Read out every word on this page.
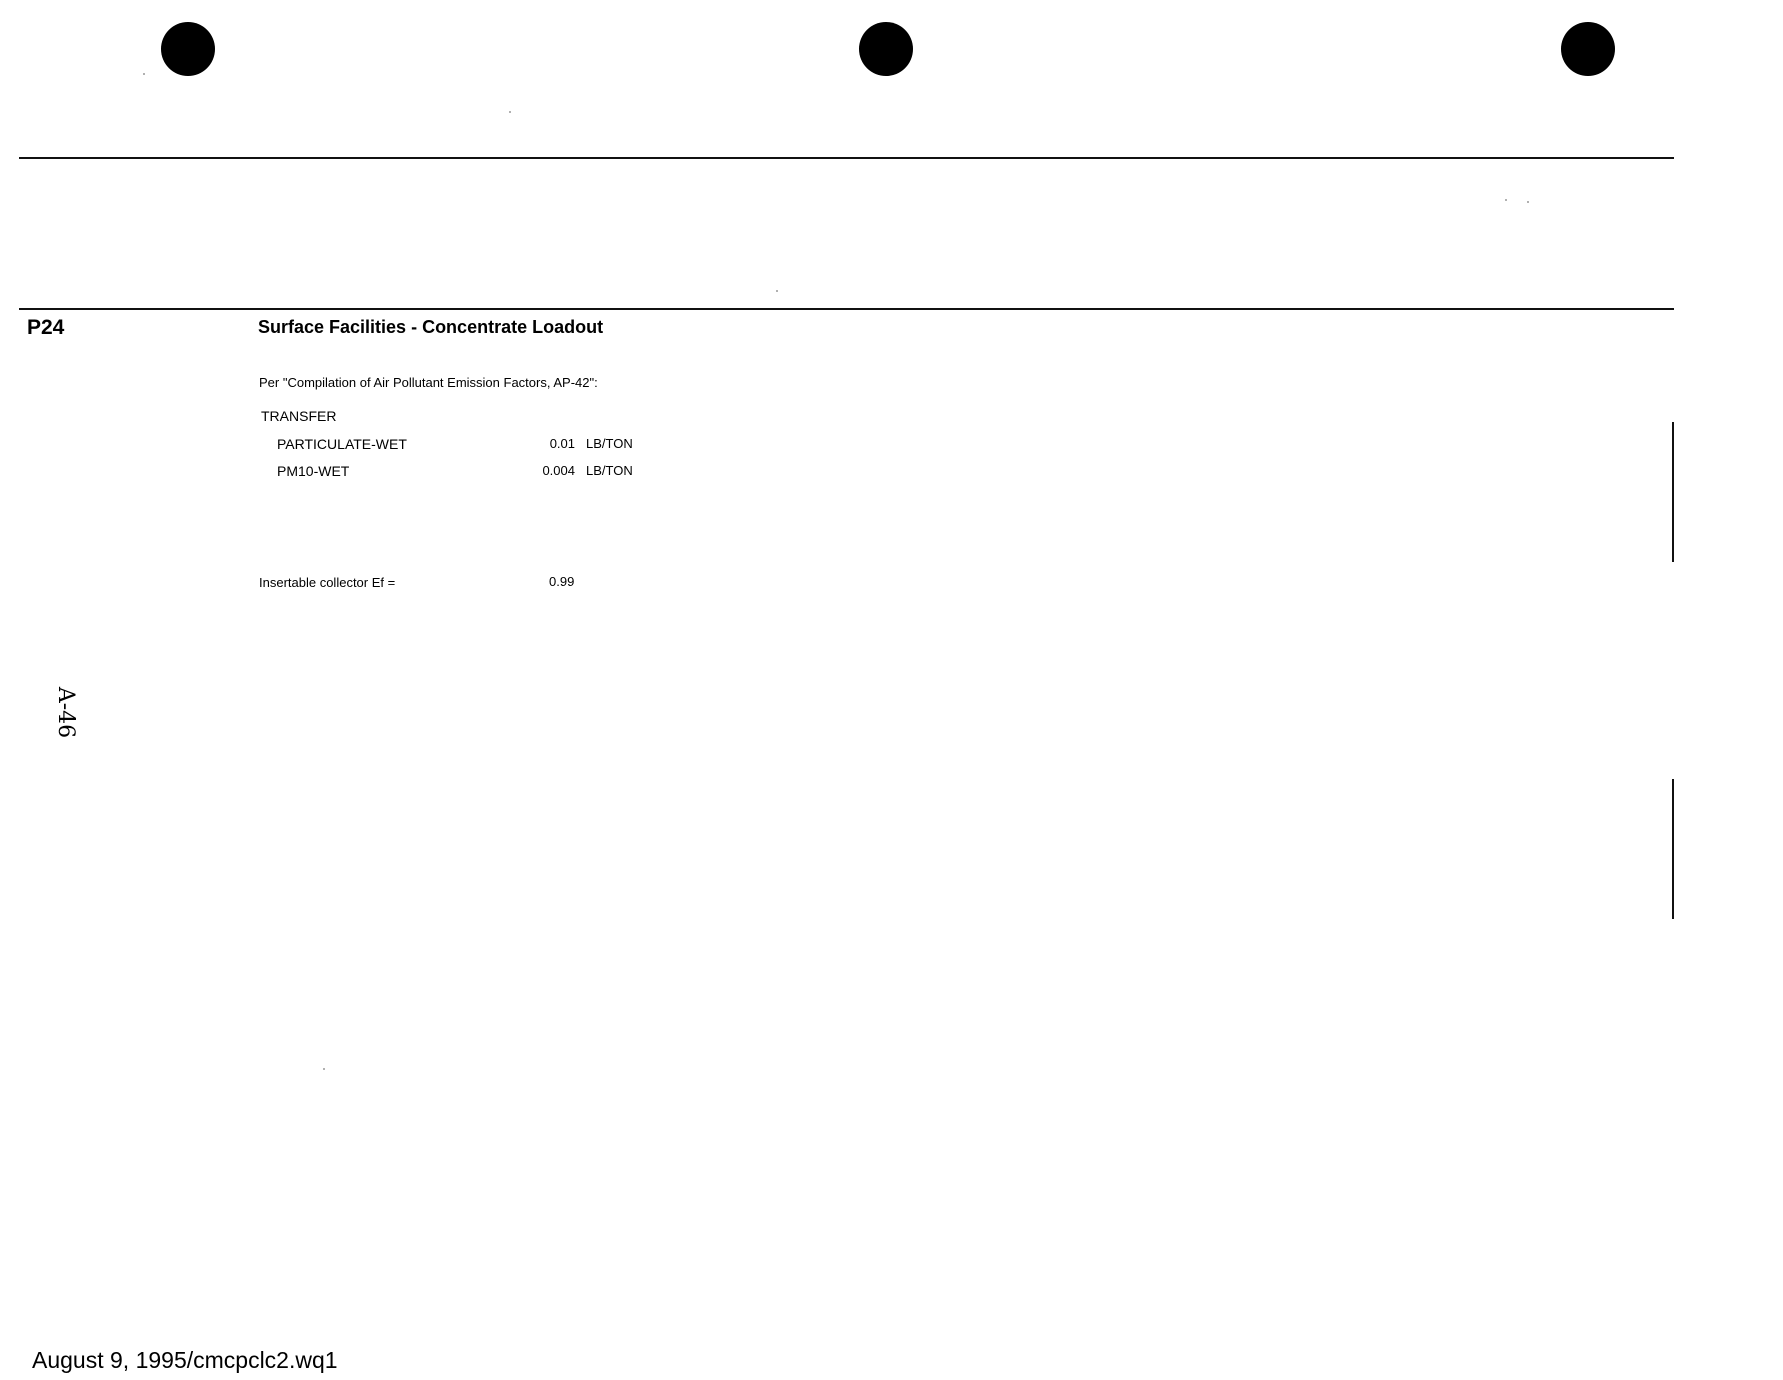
P24	Surface Facilities - Concentrate Loadout
Per "Compilation of Air Pollutant Emission Factors, AP-42":
TRANSFER
PARTICULATE-WET	0.01 LB/TON
PM10-WET	0.004 LB/TON
Insertable collector Ef =	0.99
A-46
August 9, 1995/cmcpclc2.wq1
